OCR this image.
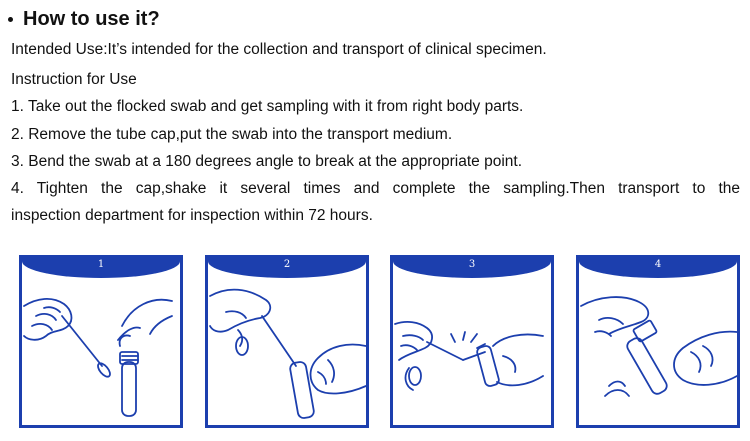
How to use it?
Intended Use:It’s intended for the collection and transport of clinical specimen.
Instruction for Use
1. Take out the flocked swab and get sampling with it from right body parts.
2. Remove the tube cap,put the swab into the transport medium.
3. Bend the swab at a 180 degrees angle to break at the appropriate point.
4. Tighten the cap,shake it several times and complete the sampling.Then transport to the
inspection department for inspection within 72 hours.
1	2	3	4
